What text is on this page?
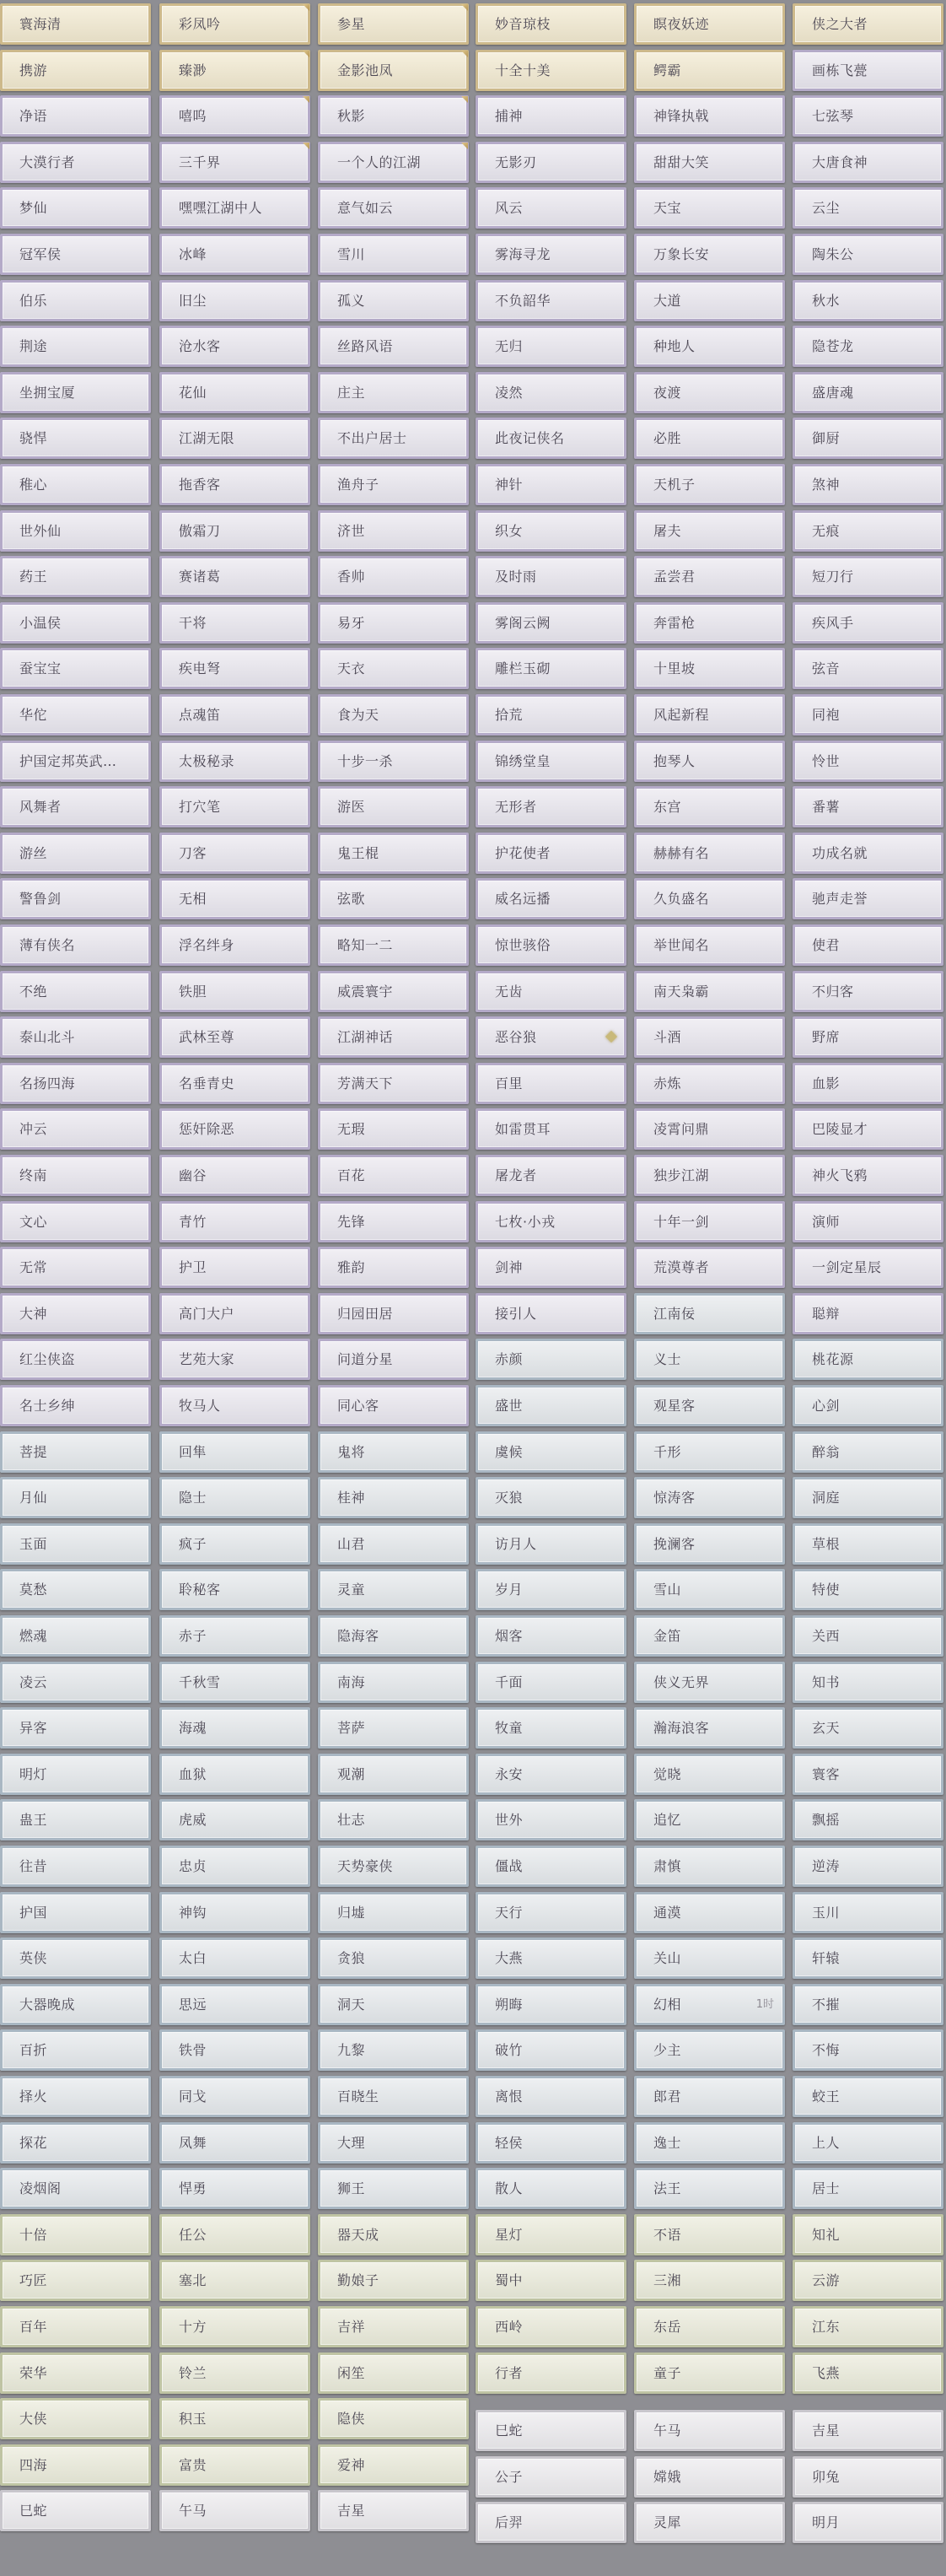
寰海清
携游
净语
大漠行者
梦仙
冠军侯
伯乐
荆途
坐拥宝厦
骁悍
稚心
世外仙
药王
小温侯
蚕宝宝
华佗
护国定邦英武…
风舞者
游丝
警鲁剑
薄有侠名
不绝
泰山北斗
名扬四海
冲云
终南
文心
无常
大神
红尘侠盗
名士乡绅
菩提
月仙
玉面
莫愁
燃魂
凌云
异客
明灯
蛊王
往昔
护国
英侠
大器晚成
百折
择火
探花
凌烟阁
十倍
巧匠
百年
荣华
大侠
四海
巳蛇
彩凤吟
臻渺
嘻呜
三千界
嘿嘿江湖中人
冰峰
旧尘
沧水客
花仙
江湖无限
拖香客
傲霜刀
赛诸葛
干将
疾电弩
点魂笛
太极秘录
打穴笔
刀客
无相
浮名绊身
铁胆
武林至尊
名垂青史
惩奸除恶
幽谷
青竹
护卫
高门大户
艺苑大家
牧马人
回隼
隐士
疯子
聆秘客
赤子
千秋雪
海魂
血狱
虎威
忠贞
神钩
太白
思远
铁骨
同戈
凤舞
悍勇
任公
塞北
十方
铃兰
积玉
富贵
午马
参星
金影池凤
秋影
一个人的江湖
意气如云
雪川
孤义
丝路风语
庄主
不出户居士
渔舟子
济世
香帅
易牙
天衣
食为天
十步一杀
游医
鬼王棍
弦歌
略知一二
威震寰宇
江湖神话
芳满天下
无瑕
百花
先锋
雅韵
归园田居
问道分星
同心客
鬼将
桂神
山君
灵童
隐海客
南海
菩萨
观潮
壮志
天势豪侠
归墟
贪狼
洞天
九黎
百晓生
大理
狮王
器天成
勤娘子
吉祥
闲笙
隐侠
爱神
吉星
妙音琼枝
十全十美
捕神
无影刃
风云
雾海寻龙
不负韶华
无归
凌然
此夜记侠名
神针
织女
及时雨
雾阁云阙
雕栏玉砌
拾荒
锦绣堂皇
无形者
护花使者
威名远播
惊世骇俗
无齿
恶谷狼
百里
如雷贯耳
屠龙者
七枚·小戎
剑神
接引人
赤颜
盛世
虞候
灭狼
访月人
岁月
烟客
千面
牧童
永安
世外
僵战
天行
大燕
朔晦
破竹
离恨
轻侯
散人
星灯
蜀中
西岭
行者
巳蛇
公子
后羿
瞑夜妖迹
鳄霸
神锋执戟
甜甜大笑
天宝
万象长安
大道
种地人
夜渡
必胜
天机子
屠夫
孟尝君
奔雷枪
十里坡
风起新程
抱琴人
东宫
赫赫有名
久负盛名
举世闻名
南天枭霸
斗酒
赤炼
凌霄问鼎
独步江湖
十年一剑
荒漠尊者
江南佞
义士
观星客
千形
惊涛客
挽澜客
雪山
金笛
侠义无界
瀚海浪客
觉晓
追忆
肃慎
通漠
关山
幻相	1时
少主
郎君
逸士
法王
不语
三湘
东岳
童子
午马
嫦娥
灵犀
侠之大者
画栋飞甍
七弦琴
大唐食神
云尘
陶朱公
秋水
隐苍龙
盛唐魂
御厨
煞神
无痕
短刀行
疾风手
弦音
同袍
怜世
番薯
功成名就
驰声走誉
使君
不归客
野席
血影
巴陵显才
神火飞鸦
演师
一剑定星辰
聪辩
桃花源
心剑
醉翁
洞庭
草根
特使
关西
知书
玄天
寰客
飘摇
逆涛
玉川
轩辕
不摧
不悔
蛟王
上人
居士
知礼
云游
江东
飞燕
吉星
卯兔
明月
